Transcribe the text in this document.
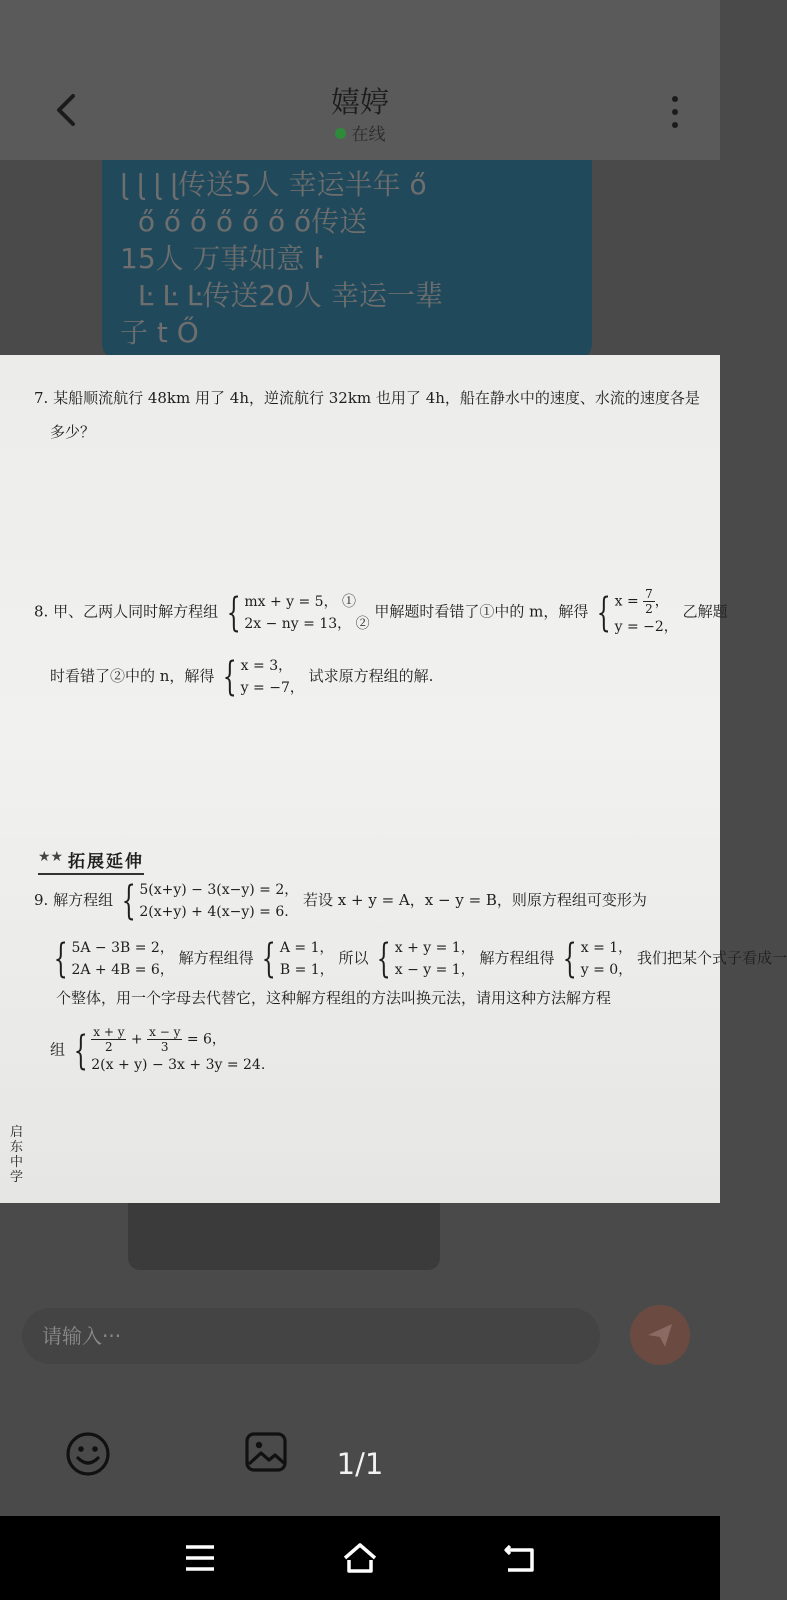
嬉婷
在线
ɭ ɭ ɭ ɭ传送5人 幸运半年 ő
ő ő ő ő ő ő ő传送
15人 万事如意 ŀ
Ŀ Ŀ Ŀ传送20人 幸运一辈
子 t Ő
7. 某船顺流航行 48km 用了 4h，逆流航行 32km 也用了 4h，船在静水中的速度、水流的速度各是
多少？
8. 甲、乙两人同时解方程组 { mx + y = 5， ①
2x − ny = 13， ②
甲解题时看错了①中的 m，解得 { $x = \frac{7}{2}$ ，
y = −2，
乙解题
时看错了②中的 n，解得 { x = 3，
y = −7，
试求原方程组的解.
★★ 拓展延伸
9. 解方程组 { 5(x+y) − 3(x−y) = 2，
2(x+y) + 4(x−y) = 6.
若设 x + y = A，x − y = B，则原方程组可变形为
{ 5A − 3B = 2，
2A + 4B = 6，
解方程组得 { A = 1，
B = 1，
所以 { x + y = 1，
x − y = 1，
解方程组得 { x = 1，
y = 0，
我们把某个式子看成一
个整体，用一个字母去代替它，这种解方程组的方法叫换元法，请用这种方法解方程
组 { $\frac{x + y}{2} + \frac{x - y}{3} = 6$，
2(x + y) − 3x + 3y = 24.
启东中学
请输入···
1/1
